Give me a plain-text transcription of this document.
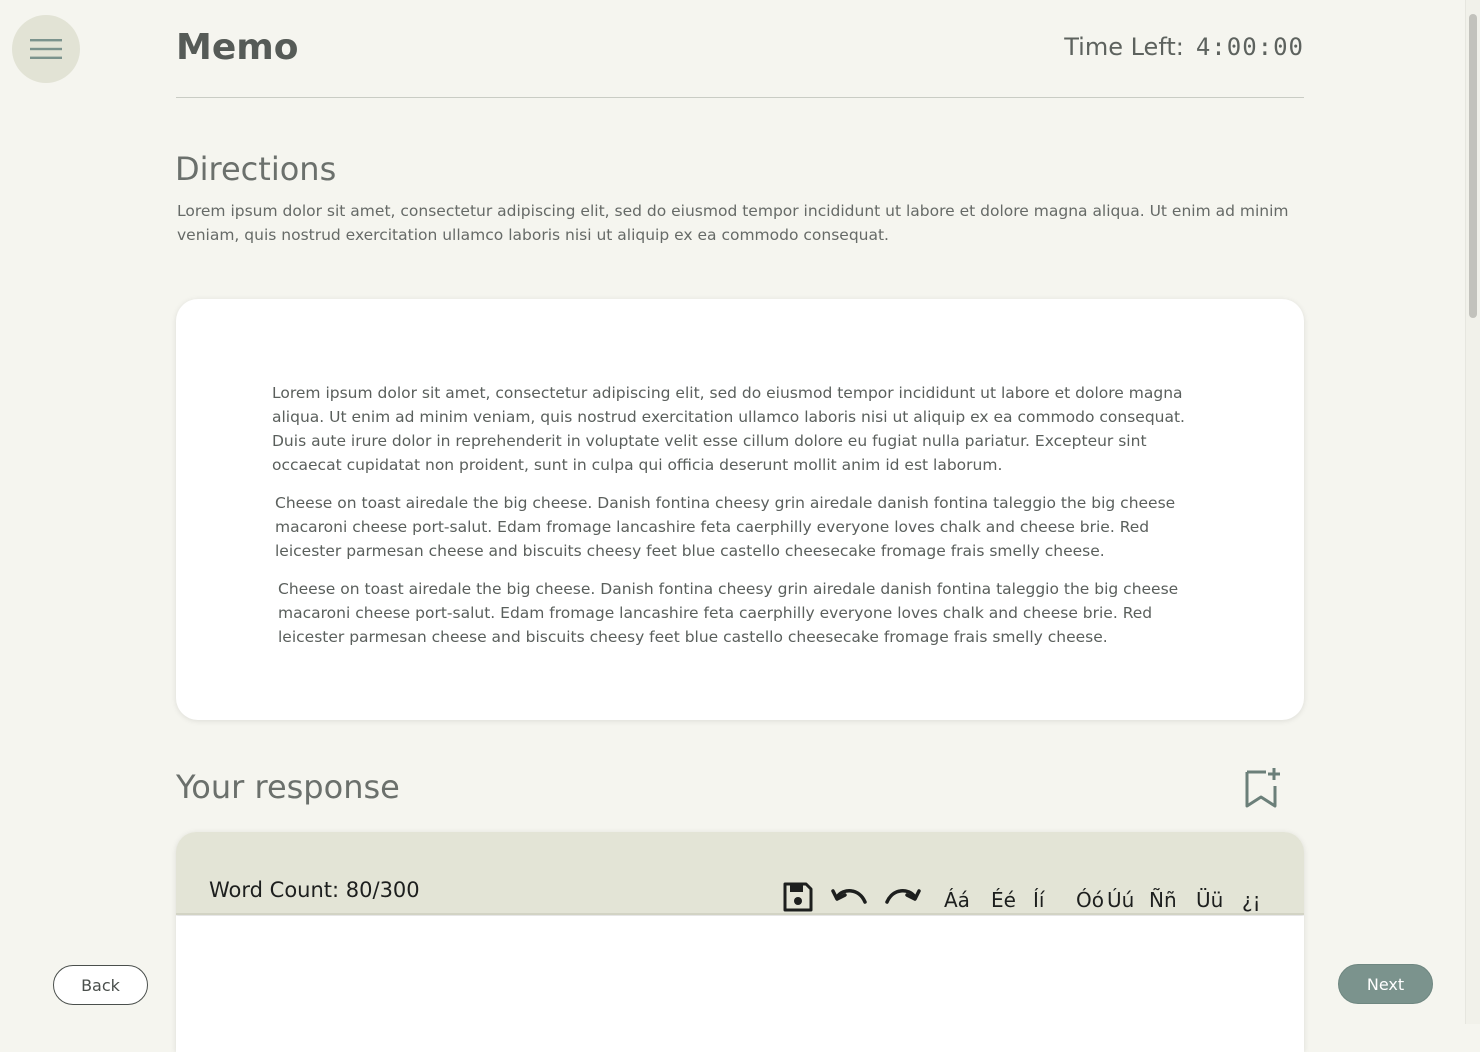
Memo	Time Left: 4:00:00
Directions
Lorem ipsum dolor sit amet, consectetur adipiscing elit, sed do eiusmod tempor incididunt ut labore et dolore magna aliqua. Ut enim ad minim veniam, quis nostrud exercitation ullamco laboris nisi ut aliquip ex ea commodo consequat.

Lorem ipsum dolor sit amet, consectetur adipiscing elit, sed do eiusmod tempor incididunt ut labore et dolore magna aliqua. Ut enim ad minim veniam, quis nostrud exercitation ullamco laboris nisi ut aliquip ex ea commodo consequat. Duis aute irure dolor in reprehenderit in voluptate velit esse cillum dolore eu fugiat nulla pariatur. Excepteur sint occaecat cupidatat non proident, sunt in culpa qui officia deserunt mollit anim id est laborum.

Cheese on toast airedale the big cheese. Danish fontina cheesy grin airedale danish fontina taleggio the big cheese macaroni cheese port-salut. Edam fromage lancashire feta caerphilly everyone loves chalk and cheese brie. Red leicester parmesan cheese and biscuits cheesy feet blue castello cheesecake fromage frais smelly cheese.

Cheese on toast airedale the big cheese. Danish fontina cheesy grin airedale danish fontina taleggio the big cheese macaroni cheese port-salut. Edam fromage lancashire feta caerphilly everyone loves chalk and cheese brie. Red leicester parmesan cheese and biscuits cheesy feet blue castello cheesecake fromage frais smelly cheese.

Your response
Word Count: 80/300	Áá Éé Íí Óó Úú Ññ Üü ¿¡
Back	Next
